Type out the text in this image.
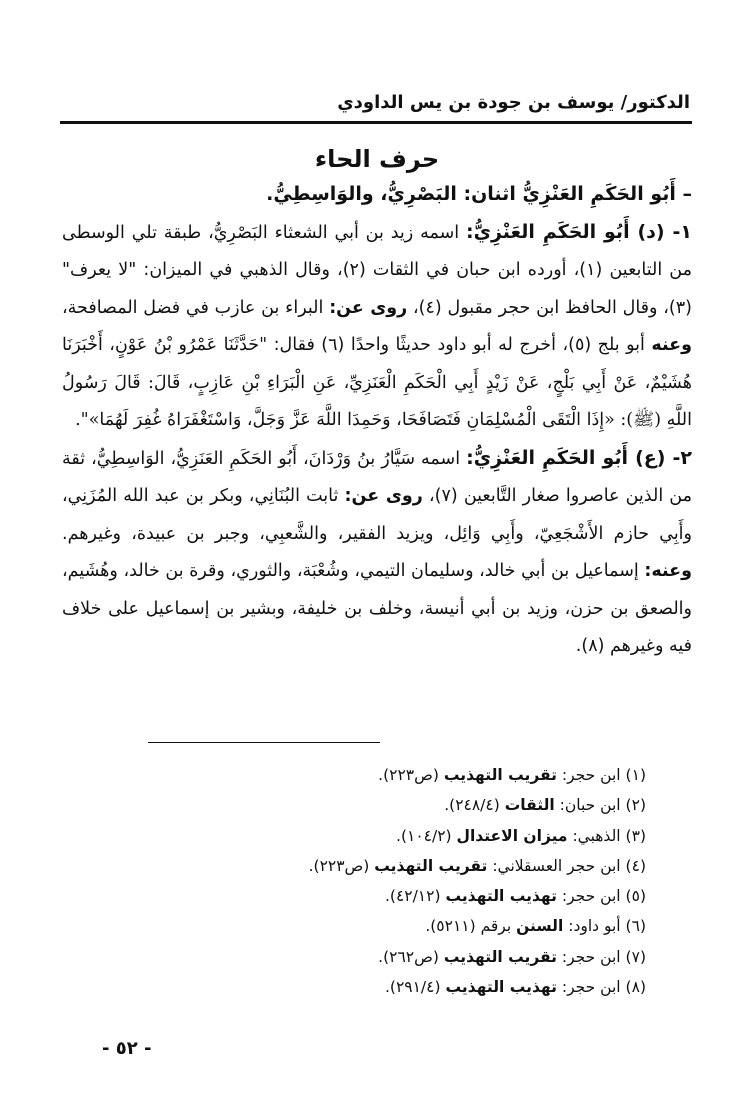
الدكتور/ يوسف بن جودة بن يس الداودي
حرف الحاء

– أَبُو الحَكَمِ العَنْزِيُّ اثنان: البَصْرِيُّ، والوَاسِطِيُّ.

١- (د) أَبُو الحَكَمِ العَنْزِيُّ: اسمه زيد بن أبي الشعثاء البَصْرِيُّ، طبقة تلي الوسطى من التابعين (١)، أورده ابن حبان في الثقات (٢)، وقال الذهبي في الميزان: "لا يعرف" (٣)، وقال الحافظ ابن حجر مقبول (٤)، روى عن: البراء بن عازب في فضل المصافحة، وعنه أبو بلج (٥)، أخرج له أبو داود حديثًا واحدًا (٦) فقال: "حَدَّثَنَا عَمْرُو بْنُ عَوْنٍ، أَخْبَرَنَا هُشَيْمٌ، عَنْ أَبِي بَلْجٍ، عَنْ زَيْدٍ أَبِي الْحَكَمِ الْعَنَزِيِّ، عَنِ الْبَرَاءِ بْنِ عَازِبٍ، قَالَ: قَالَ رَسُولُ اللَّهِ (ﷺ): «إِذَا الْتَقَى الْمُسْلِمَانِ فَتَصَافَحَا، وَحَمِدَا اللَّهَ عَزَّ وَجَلَّ، وَاسْتَغْفَرَاهُ غُفِرَ لَهُمَا»".

٢- (ع) أَبُو الحَكَمِ العَنْزِيُّ: اسمه سَيَّارُ بنُ وَرْدَانَ، أَبُو الحَكَمِ العَنَزِيُّ، الوَاسِطِيُّ، ثقة من الذين عاصروا صغار التَّابعين (٧)، روى عن: ثابت البُنَانِي، وبكر بن عبد الله المُزَنِي، وأَبِي حازم الأَشْجَعِيّ، وأَبِي وَائِل، ويزيد الفقير، والشَّعبِي، وجبر بن عبيدة، وغيرهم. وعنه: إسماعيل بن أبي خالد، وسليمان التيمي، وشُعْبَة، والثوري، وقرة بن خالد، وهُشَيم، والصعق بن حزن، وزيد بن أبي أنيسة، وخلف بن خليفة، وبشير بن إسماعيل على خلاف فيه وغيرهم (٨).

(١) ابن حجر: تقريب التهذيب (ص٢٢٣).
(٢) ابن حبان: الثقات (٢٤٨/٤).
(٣) الذهبي: ميزان الاعتدال (١٠٤/٢).
(٤) ابن حجر العسقلاني: تقريب التهذيب (ص٢٢٣).
(٥) ابن حجر: تهذيب التهذيب (٤٢/١٢).
(٦) أبو داود: السنن برقم (٥٢١١).
(٧) ابن حجر: تقريب التهذيب (ص٢٦٢).
(٨) ابن حجر: تهذيب التهذيب (٢٩١/٤).
- ٥٢ -
